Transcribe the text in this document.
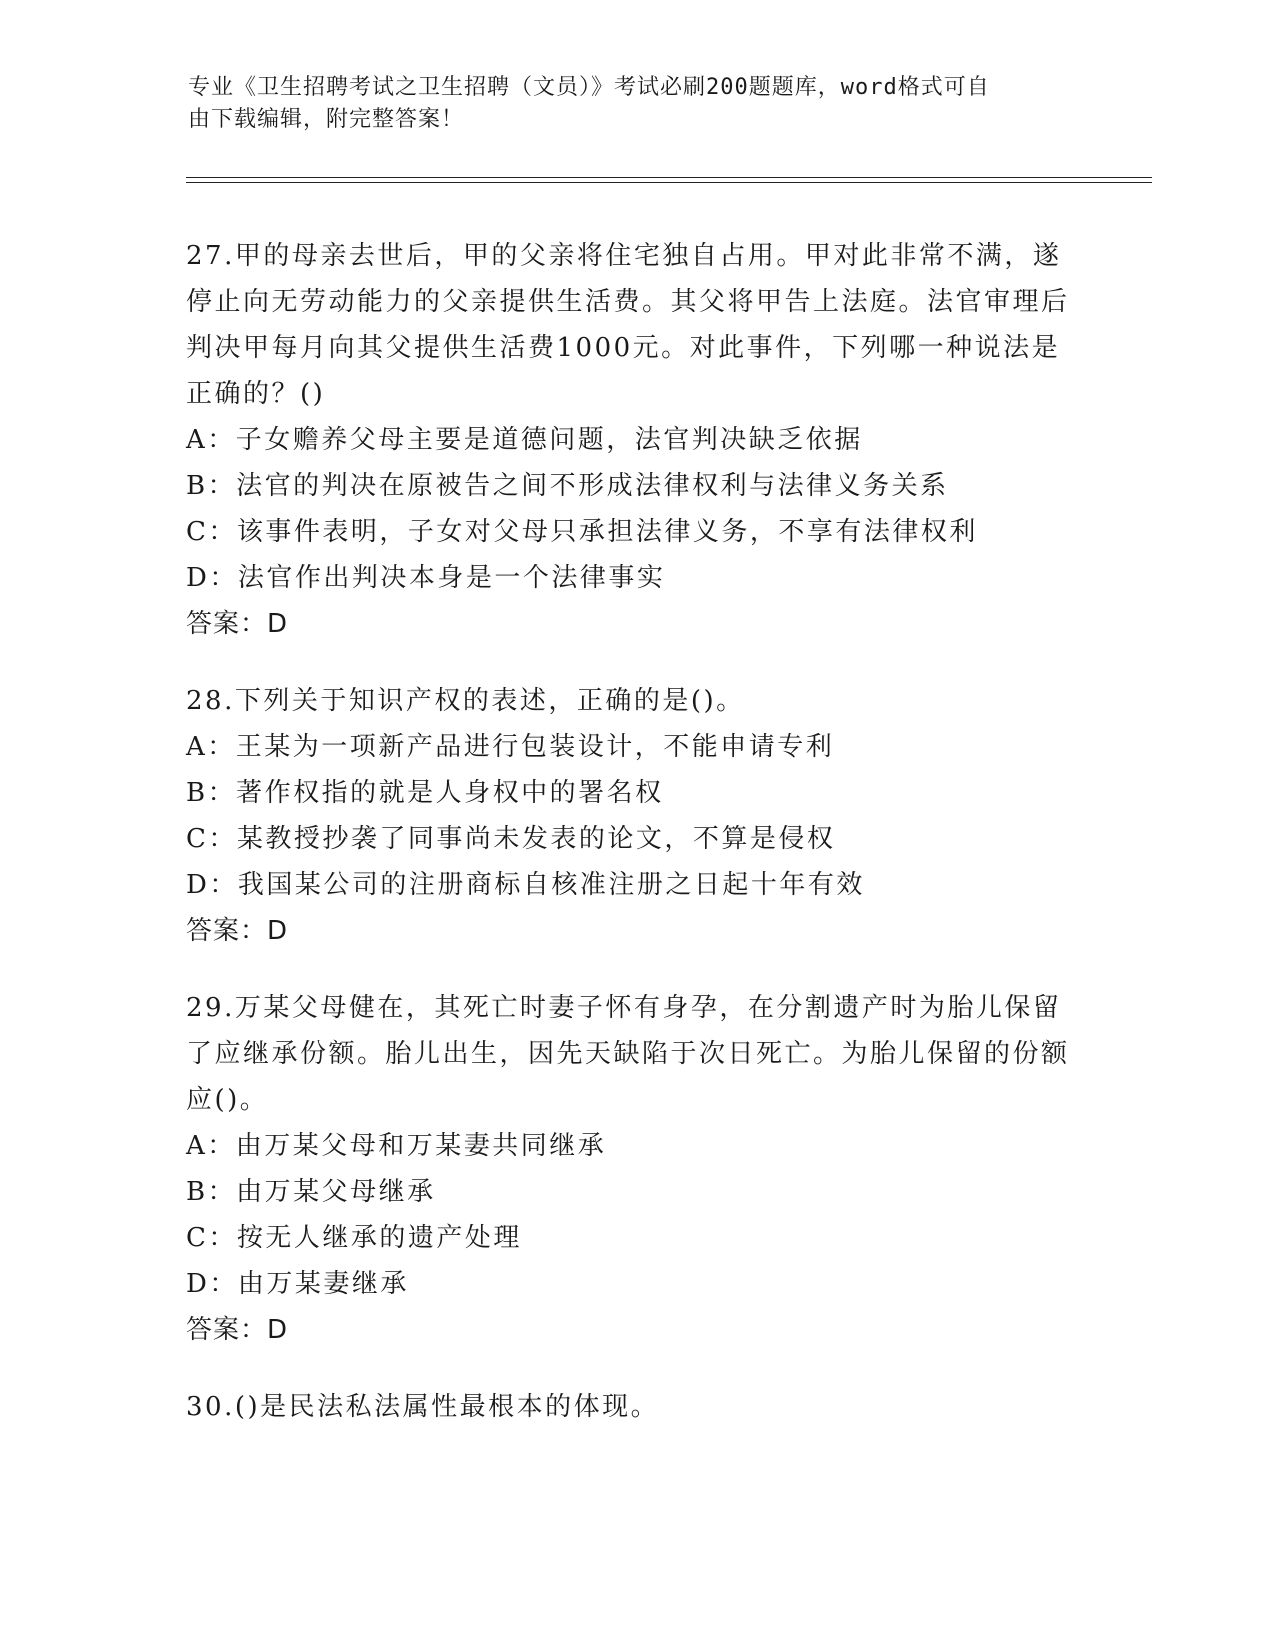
专业《卫生招聘考试之卫生招聘（文员）》考试必刷200题题库，word格式可自
由下载编辑，附完整答案！

27.甲的母亲去世后，甲的父亲将住宅独自占用。甲对此非常不满，遂停止向无劳动能力的父亲提供生活费。其父将甲告上法庭。法官审理后判决甲每月向其父提供生活费1000元。对此事件，下列哪一种说法是正确的？()

A：子女赡养父母主要是道德问题，法官判决缺乏依据

B：法官的判决在原被告之间不形成法律权利与法律义务关系

C：该事件表明，子女对父母只承担法律义务，不享有法律权利

D：法官作出判决本身是一个法律事实

答案：D

28.下列关于知识产权的表述，正确的是()。

A：王某为一项新产品进行包装设计，不能申请专利

B：著作权指的就是人身权中的署名权

C：某教授抄袭了同事尚未发表的论文，不算是侵权

D：我国某公司的注册商标自核准注册之日起十年有效

答案：D

29.万某父母健在，其死亡时妻子怀有身孕，在分割遗产时为胎儿保留了应继承份额。胎儿出生，因先天缺陷于次日死亡。为胎儿保留的份额应()。

A：由万某父母和万某妻共同继承

B：由万某父母继承

C：按无人继承的遗产处理

D：由万某妻继承

答案：D

30.()是民法私法属性最根本的体现。
